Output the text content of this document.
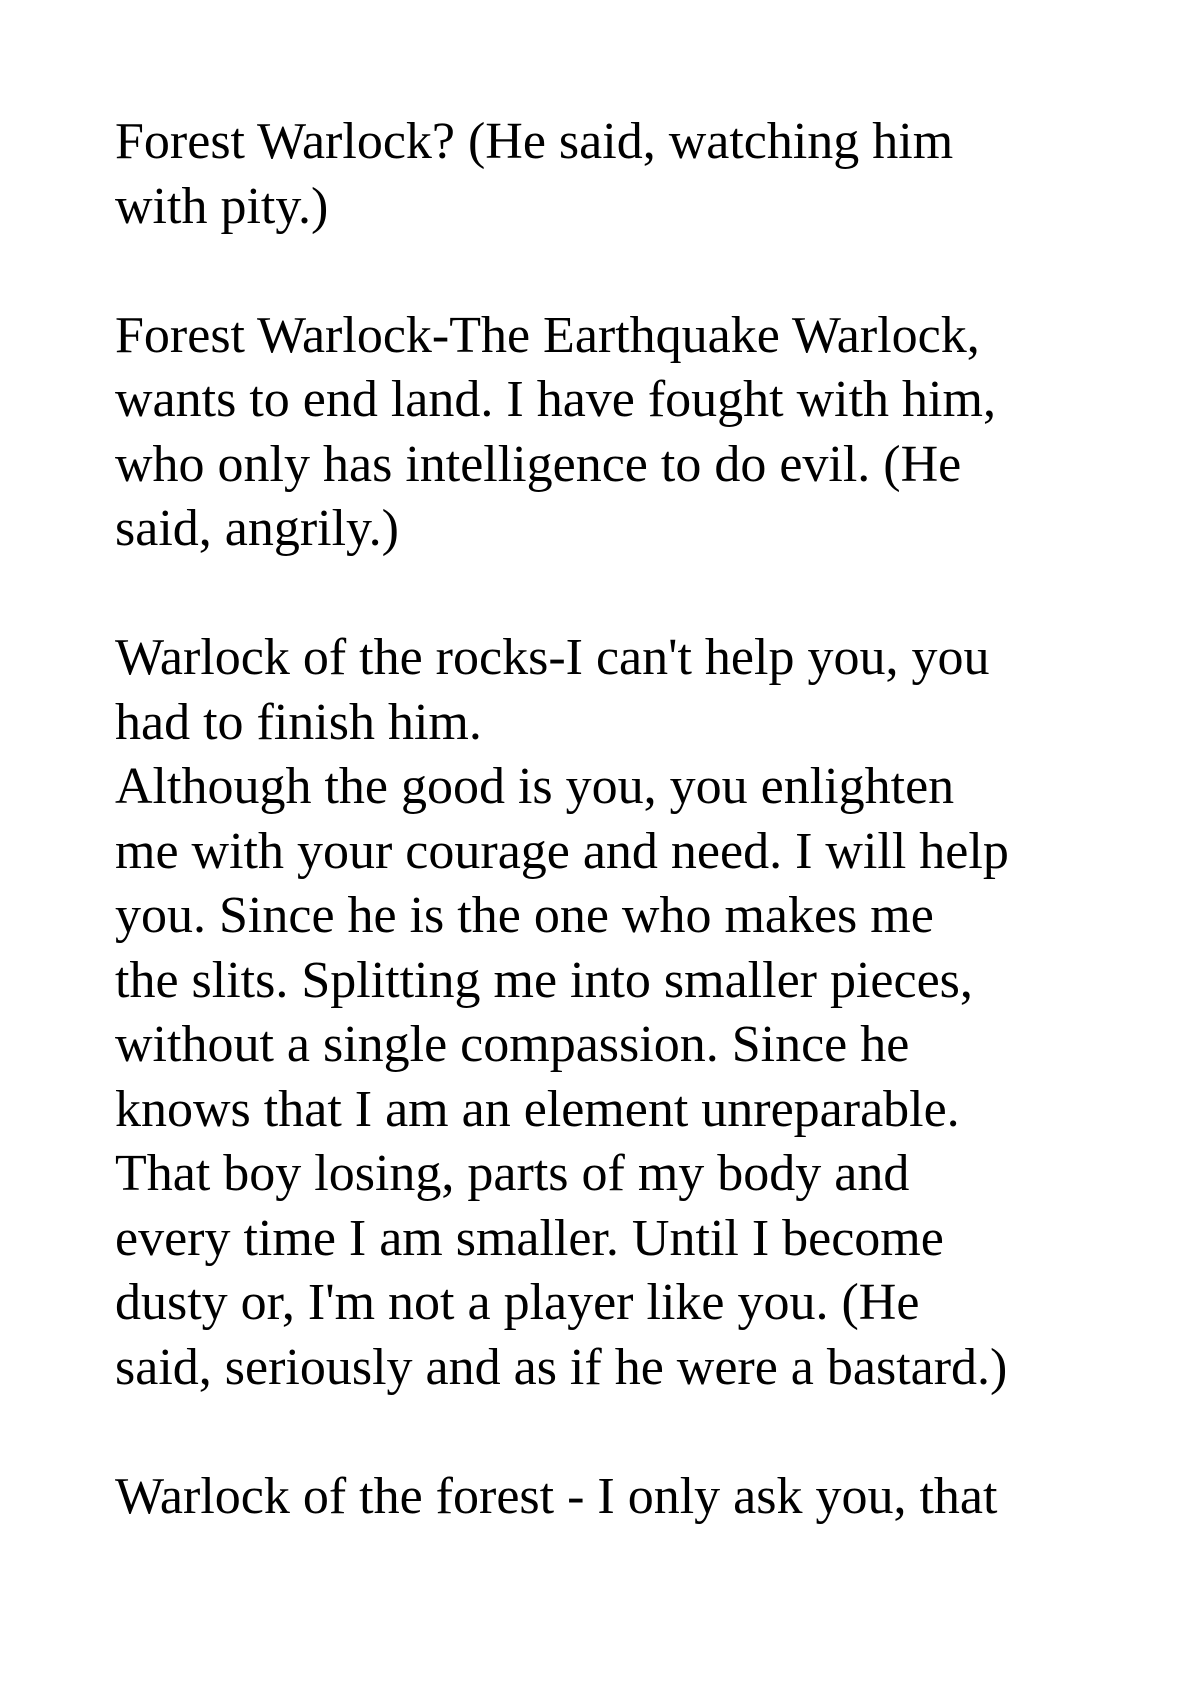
Forest Warlock? (He said, watching him
with pity.)

Forest Warlock-The Earthquake Warlock,
wants to end land. I have fought with him,
who only has intelligence to do evil. (He
said, angrily.)

Warlock of the rocks-I can't help you, you
had to finish him.
Although the good is you, you enlighten
me with your courage and need. I will help
you. Since he is the one who makes me
the slits. Splitting me into smaller pieces,
without a single compassion. Since he
knows that I am an element unreparable.
That boy losing, parts of my body and
every time I am smaller. Until I become
dusty or, I'm not a player like you. (He
said, seriously and as if he were a bastard.)

Warlock of the forest - I only ask you, that
